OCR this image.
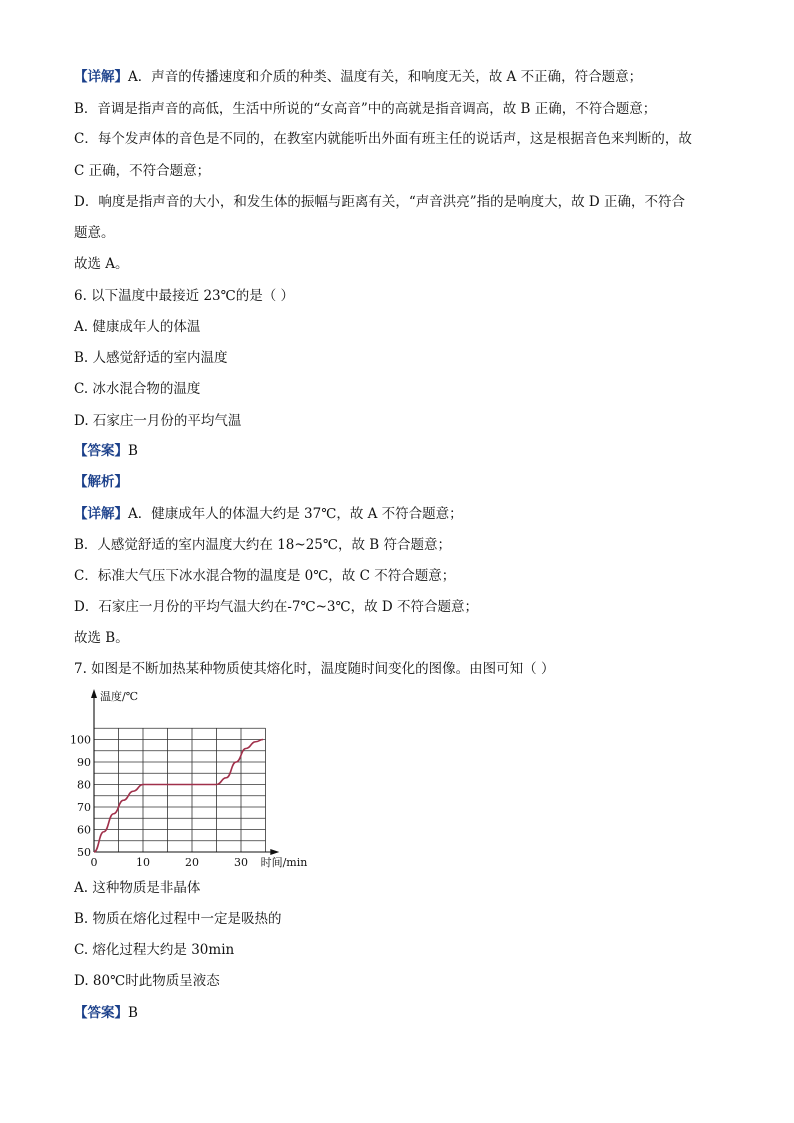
【详解】A．声音的传播速度和介质的种类、温度有关，和响度无关，故 A 不正确，符合题意；
B．音调是指声音的高低，生活中所说的“女高音”中的高就是指音调高，故 B 正确，不符合题意；
C．每个发声体的音色是不同的，在教室内就能听出外面有班主任的说话声，这是根据音色来判断的，故
C 正确，不符合题意；
D．响度是指声音的大小，和发生体的振幅与距离有关，“声音洪亮”指的是响度大，故 D 正确，不符合
题意。
故选 A。
6. 以下温度中最接近 23℃的是（ ）
A. 健康成年人的体温
B. 人感觉舒适的室内温度
C. 冰水混合物的温度
D. 石家庄一月份的平均气温
【答案】B
【解析】
【详解】A．健康成年人的体温大约是 37℃，故 A 不符合题意；
B．人感觉舒适的室内温度大约在 18~25℃，故 B 符合题意；
C．标准大气压下冰水混合物的温度是 0℃，故 C 不符合题意；
D．石家庄一月份的平均气温大约在-7℃~3℃，故 D 不符合题意；
故选 B。
7. 如图是不断加热某种物质使其熔化时，温度随时间变化的图像。由图可知（ ）
A. 这种物质是非晶体
B. 物质在熔化过程中一定是吸热的
C. 熔化过程大约是 30min
D. 80℃时此物质呈液态
【答案】B
50
60
70
80
90
100
0	10	20	30
温度/℃
时间/min
